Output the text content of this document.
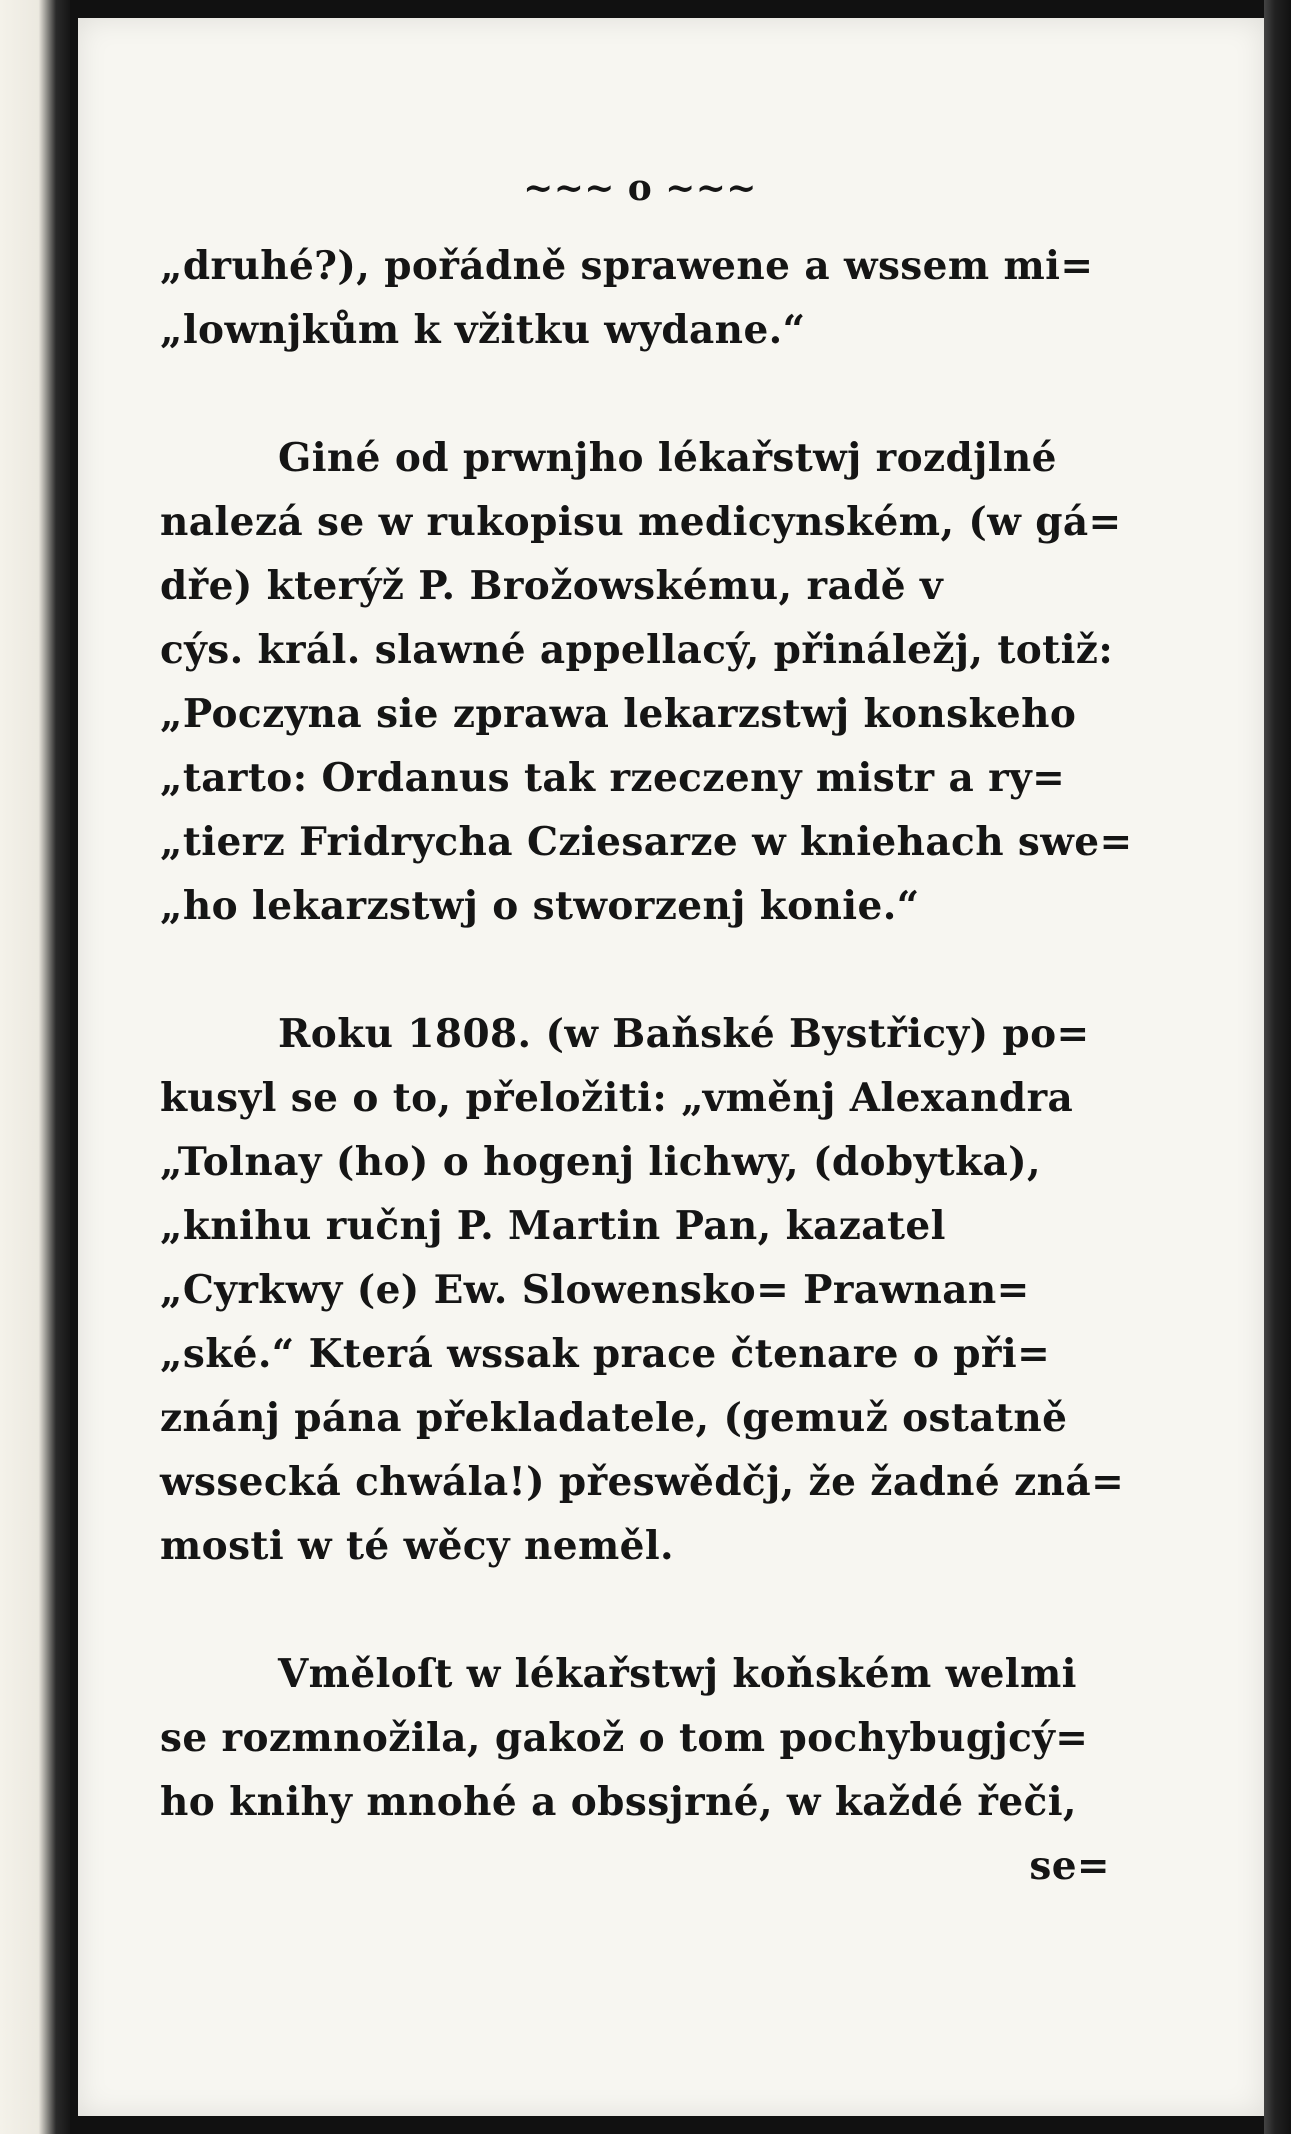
~~~ o ~~~
„druhé?), pořádně sprawene a wssem mi=
„lownjkům k vžitku wydane.“
Giné od prwnjho lékařstwj rozdjlné
nalezá se w rukopisu medicynském, (w gá=
dře) kterýž P. Brožowskému, radě v
cýs. král. slawné appellacý, přináležj, totiž:
„Poczyna sie zprawa lekarzstwj konskeho
„tarto: Ordanus tak rzeczeny mistr a ry=
„tierz Fridrycha Cziesarze w kniehach swe=
„ho lekarzstwj o stworzenj konie.“
Roku 1808. (w Baňské Bystřicy) po=
kusyl se o to, přeložiti: „vměnj Alexandra
„Tolnay (ho) o hogenj lichwy, (dobytka),
„knihu ručnj P. Martin Pan, kazatel
„Cyrkwy (e) Ew. Slowensko= Prawnan=
„ské.“ Která wssak prace čtenare o při=
znánj pána překladatele, (gemuž ostatně
wssecká chwála!) přeswědčj, že žadné zná=
mosti w té wěcy neměl.
Vměloſt w lékařstwj koňském welmi
se rozmnožila, gakož o tom pochybugjcý=
ho knihy mnohé a obssjrné, w každé řeči,
se=
